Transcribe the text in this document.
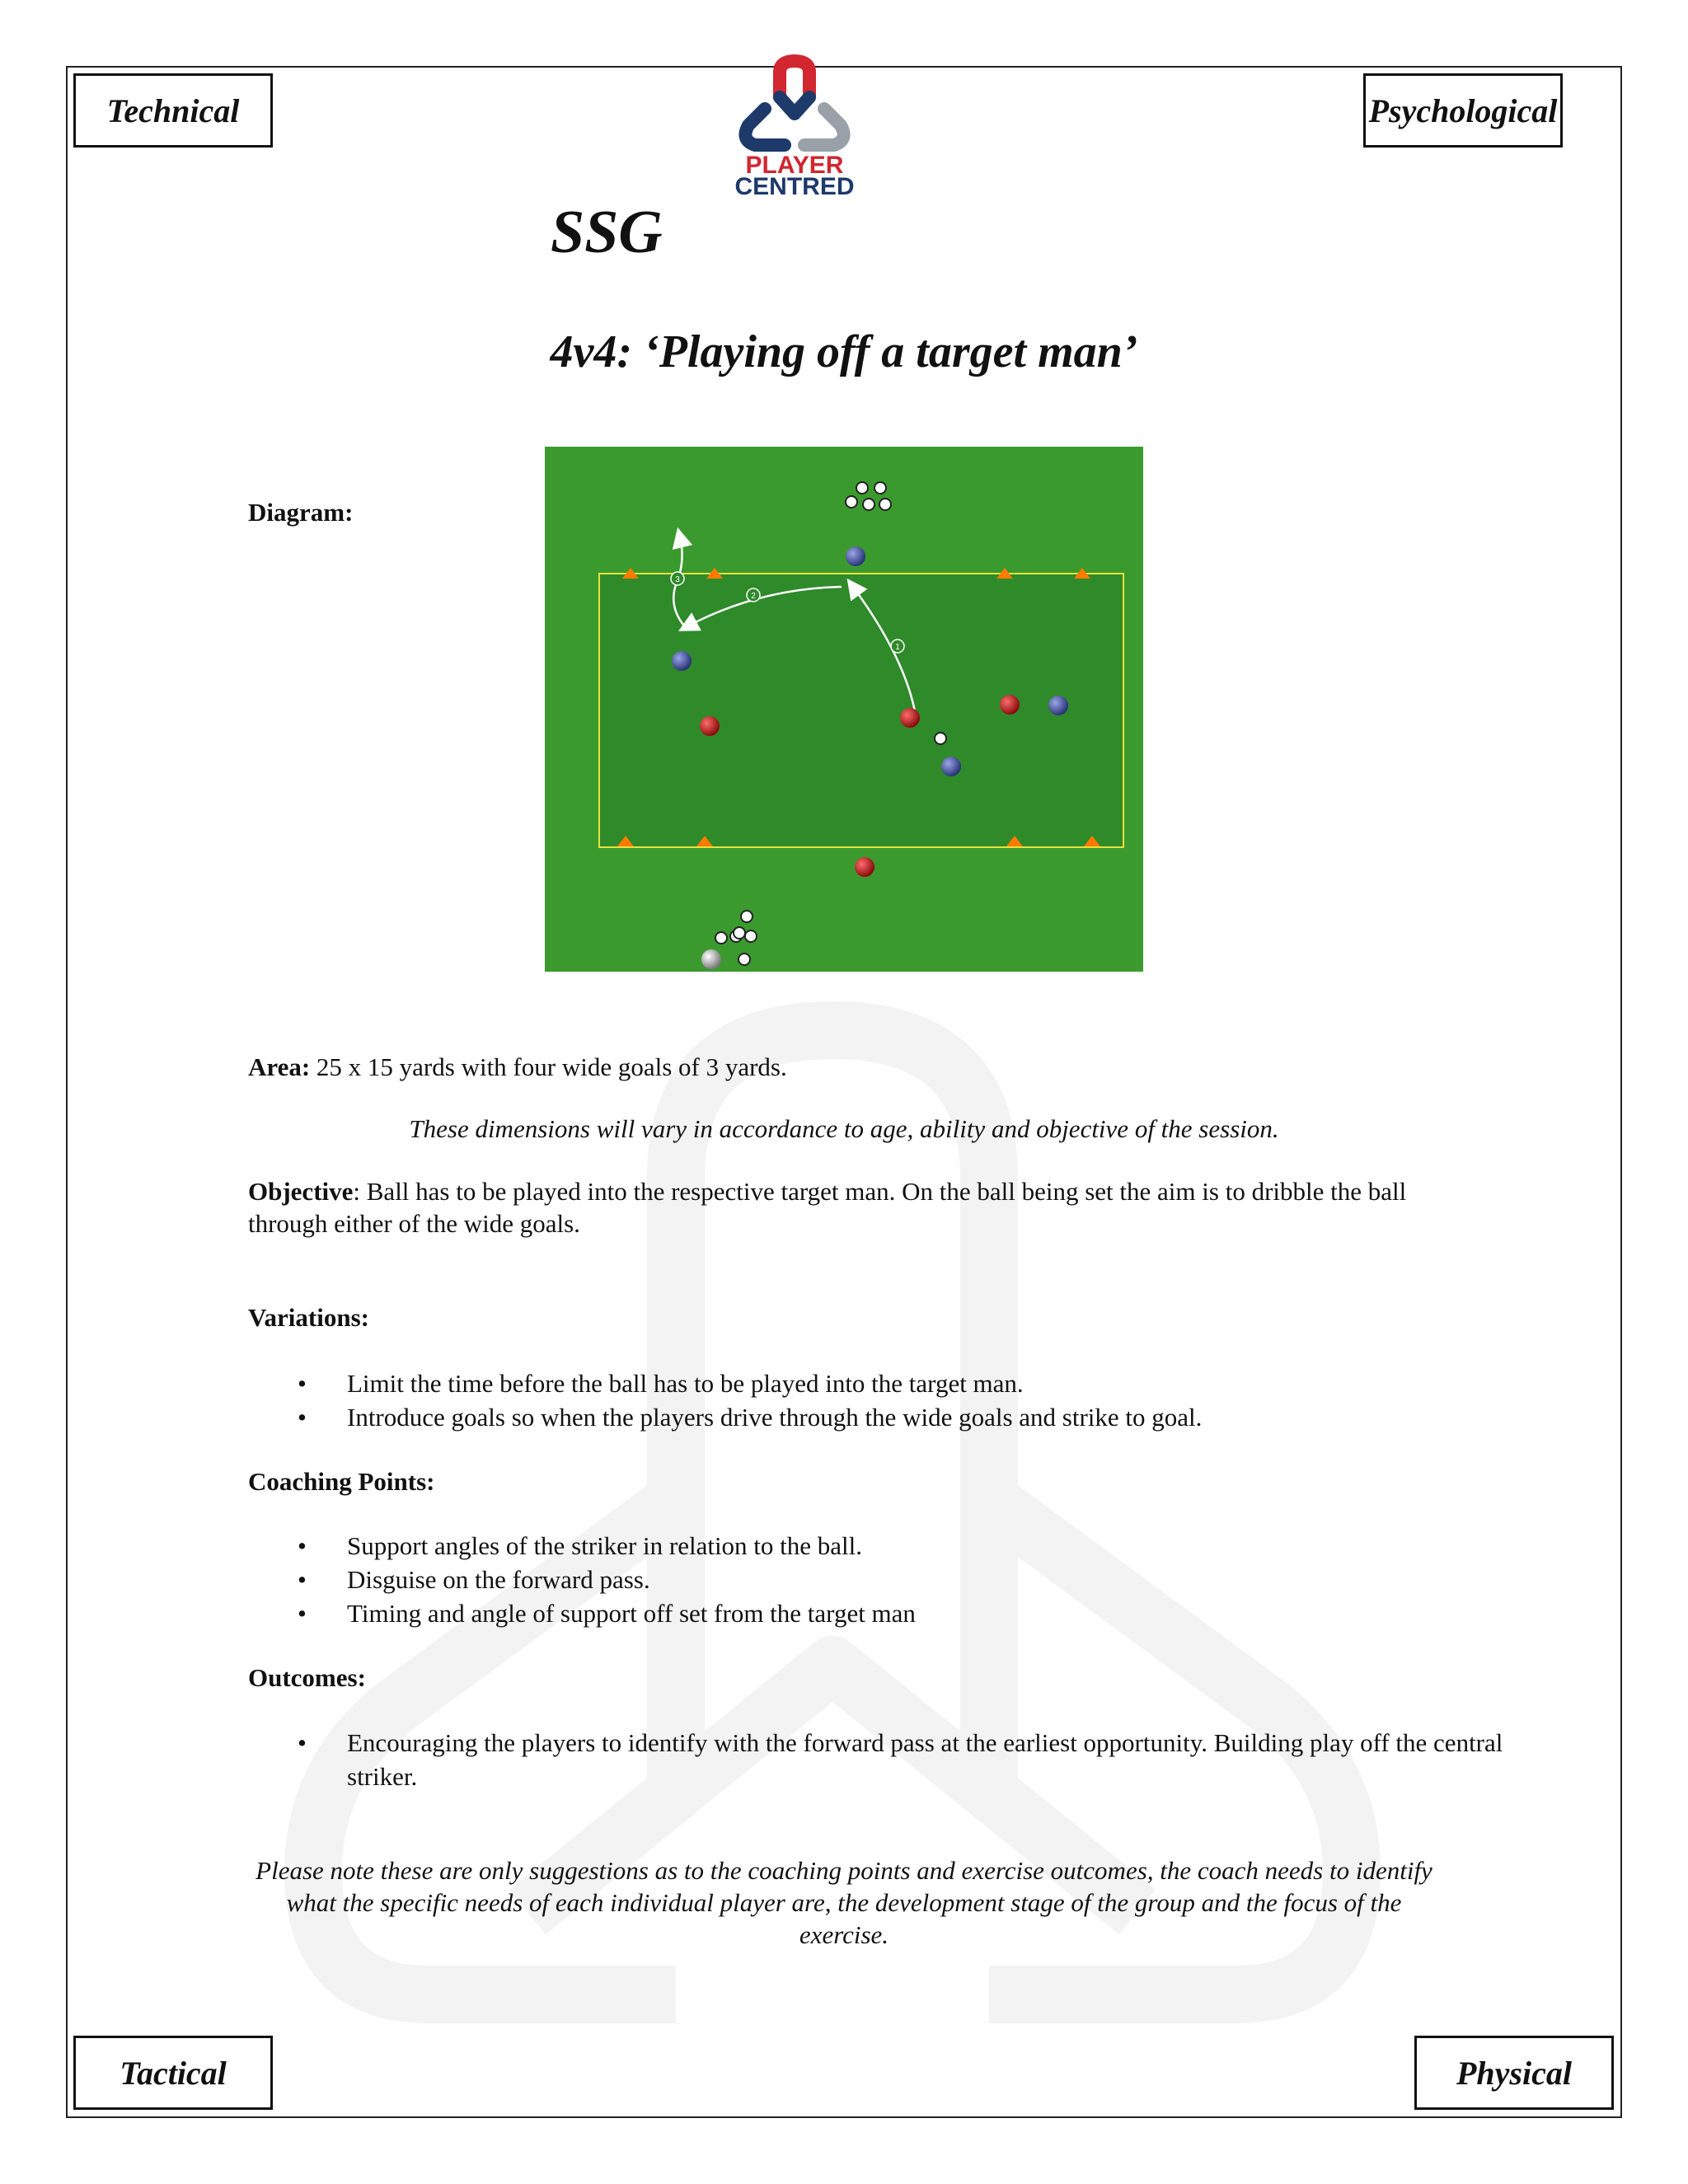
Technical	Psychological
Tactical	Physical
PLAYER
CENTRED
SSG
4v4: ‘Playing off a target man’
Diagram:
1
2
3
Area: 25 x 15 yards with four wide goals of 3 yards.
These dimensions will vary in accordance to age, ability and objective of the session.
Objective: Ball has to be played into the respective target man. On the ball being set the aim is to dribble the ball through either of the wide goals.
Variations:
• Limit the time before the ball has to be played into the target man.
• Introduce goals so when the players drive through the wide goals and strike to goal.
Coaching Points:
• Support angles of the striker in relation to the ball.
• Disguise on the forward pass.
• Timing and angle of support off set from the target man
Outcomes:
• Encouraging the players to identify with the forward pass at the earliest opportunity. Building play off the central striker.
Please note these are only suggestions as to the coaching points and exercise outcomes, the coach needs to identify what the specific needs of each individual player are, the development stage of the group and the focus of the exercise.
